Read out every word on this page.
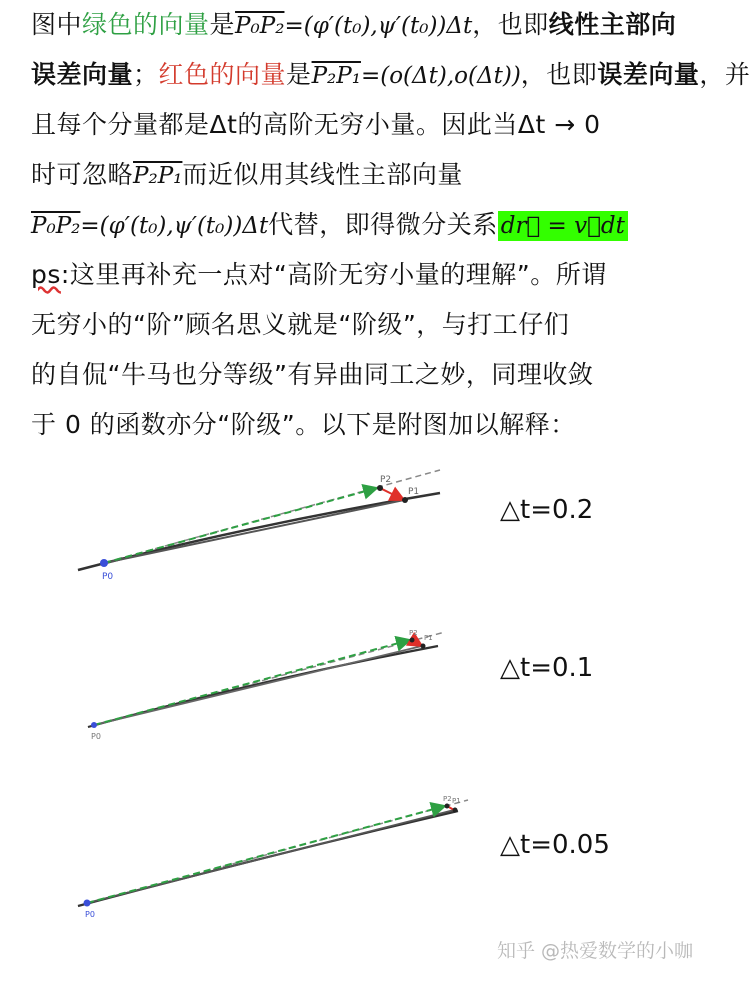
图中绿色的向量是P₀P₂=(φ′(t₀),ψ′(t₀))Δt，也即线性主部向
误差向量；红色的向量是P₂P₁=(o(Δt),o(Δt))，也即误差向量，并
且每个分量都是Δt的高阶无穷小量。因此当Δt → 0
时可忽略P₂P₁而近似用其线性主部向量
P₀P₂=(φ′(t₀),ψ′(t₀))Δt代替，即得微分关系 dr⃗ = v⃗dt
ps:这里再补充一点对“高阶无穷小量的理解”。所谓
无穷小的“阶”顾名思义就是“阶级”，与打工仔们
的自侃“牛马也分等级”有异曲同工之妙，同理收敛
于 0 的函数亦分“阶级”。以下是附图加以解释：
P0
P2
P1
P0
P2
P1
P0
P2 P1
△t=0.2
△t=0.1
△t=0.05
知乎 @热爱数学的小咖
